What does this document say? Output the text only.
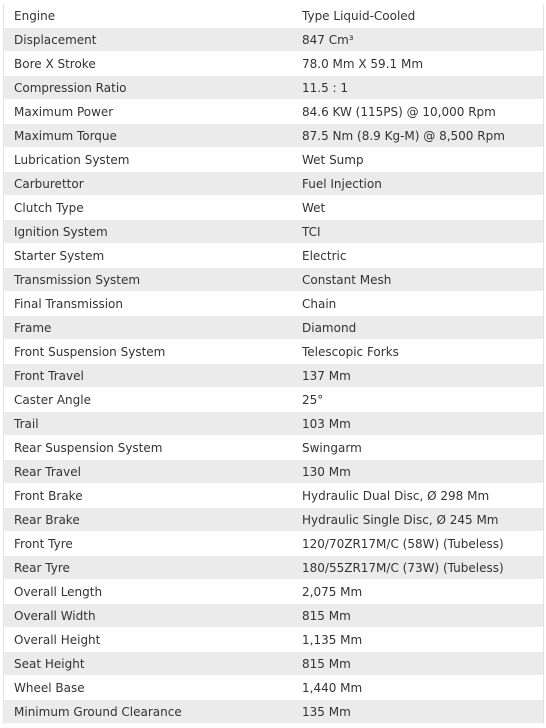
Engine	Type Liquid-Cooled
Displacement	847 Cm³
Bore X Stroke	78.0 Mm X 59.1 Mm
Compression Ratio	11.5 : 1
Maximum Power	84.6 KW (115PS) @ 10,000 Rpm
Maximum Torque	87.5 Nm (8.9 Kg-M) @ 8,500 Rpm
Lubrication System	Wet Sump
Carburettor	Fuel Injection
Clutch Type	Wet
Ignition System	TCI
Starter System	Electric
Transmission System	Constant Mesh
Final Transmission	Chain
Frame	Diamond
Front Suspension System	Telescopic Forks
Front Travel	137 Mm
Caster Angle	25°
Trail	103 Mm
Rear Suspension System	Swingarm
Rear Travel	130 Mm
Front Brake	Hydraulic Dual Disc, Ø 298 Mm
Rear Brake	Hydraulic Single Disc, Ø 245 Mm
Front Tyre	120/70ZR17M/C (58W) (Tubeless)
Rear Tyre	180/55ZR17M/C (73W) (Tubeless)
Overall Length	2,075 Mm
Overall Width	815 Mm
Overall Height	1,135 Mm
Seat Height	815 Mm
Wheel Base	1,440 Mm
Minimum Ground Clearance	135 Mm
